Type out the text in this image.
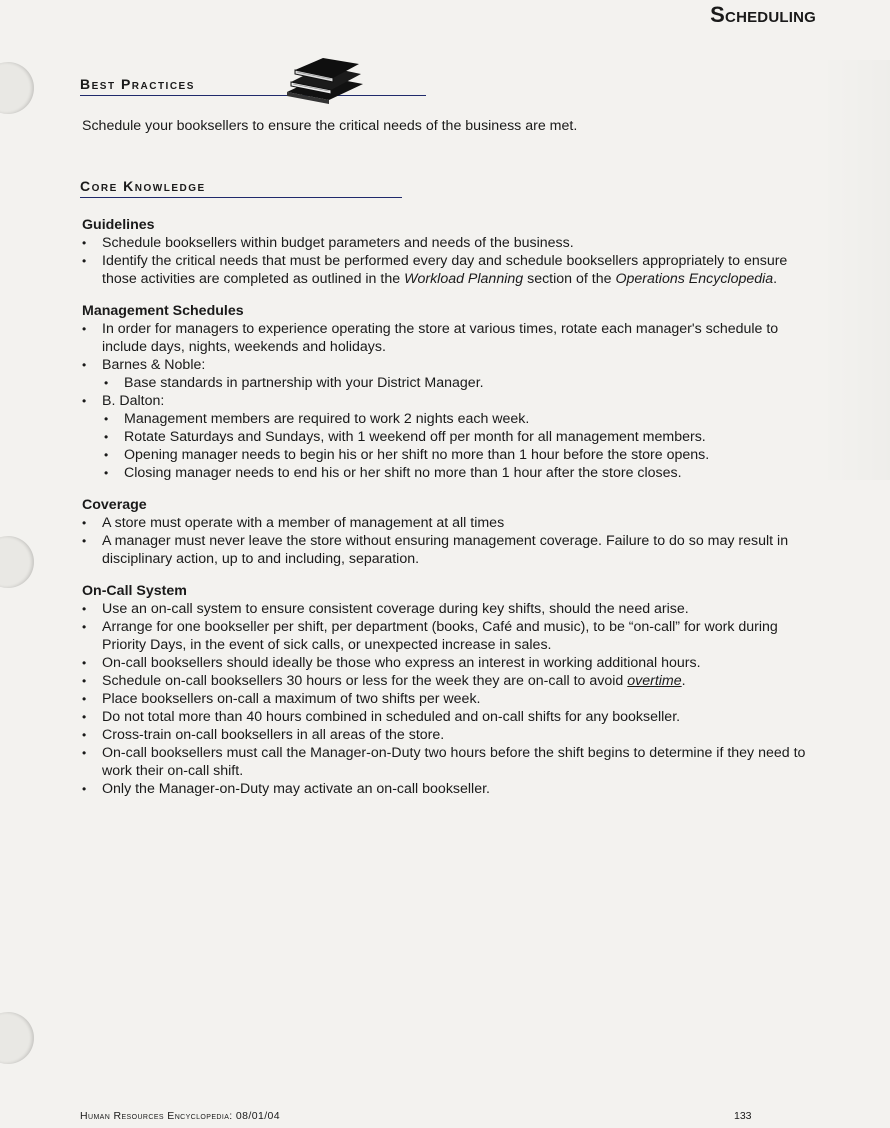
Scheduling
Best Practices
Schedule your booksellers to ensure the critical needs of the business are met.
Core Knowledge

Guidelines

• Schedule booksellers within budget parameters and needs of the business.
• Identify the critical needs that must be performed every day and schedule booksellers appropriately to ensure those activities are completed as outlined in the Workload Planning section of the Operations Encyclopedia.

Management Schedules

• In order for managers to experience operating the store at various times, rotate each manager's schedule to include days, nights, weekends and holidays.
• Barnes & Noble:
• Base standards in partnership with your District Manager.
• B. Dalton:
• Management members are required to work 2 nights each week.
• Rotate Saturdays and Sundays, with 1 weekend off per month for all management members.
• Opening manager needs to begin his or her shift no more than 1 hour before the store opens.
• Closing manager needs to end his or her shift no more than 1 hour after the store closes.

Coverage

• A store must operate with a member of management at all times
• A manager must never leave the store without ensuring management coverage. Failure to do so may result in disciplinary action, up to and including, separation.

On-Call System

• Use an on-call system to ensure consistent coverage during key shifts, should the need arise.
• Arrange for one bookseller per shift, per department (books, Café and music), to be “on-call” for work during Priority Days, in the event of sick calls, or unexpected increase in sales.
• On-call booksellers should ideally be those who express an interest in working additional hours.
• Schedule on-call booksellers 30 hours or less for the week they are on-call to avoid overtime.
• Place booksellers on-call a maximum of two shifts per week.
• Do not total more than 40 hours combined in scheduled and on-call shifts for any bookseller.
• Cross-train on-call booksellers in all areas of the store.
• On-call booksellers must call the Manager-on-Duty two hours before the shift begins to determine if they need to work their on-call shift.
• Only the Manager-on-Duty may activate an on-call bookseller.
Human Resources Encyclopedia: 08/01/04	133
